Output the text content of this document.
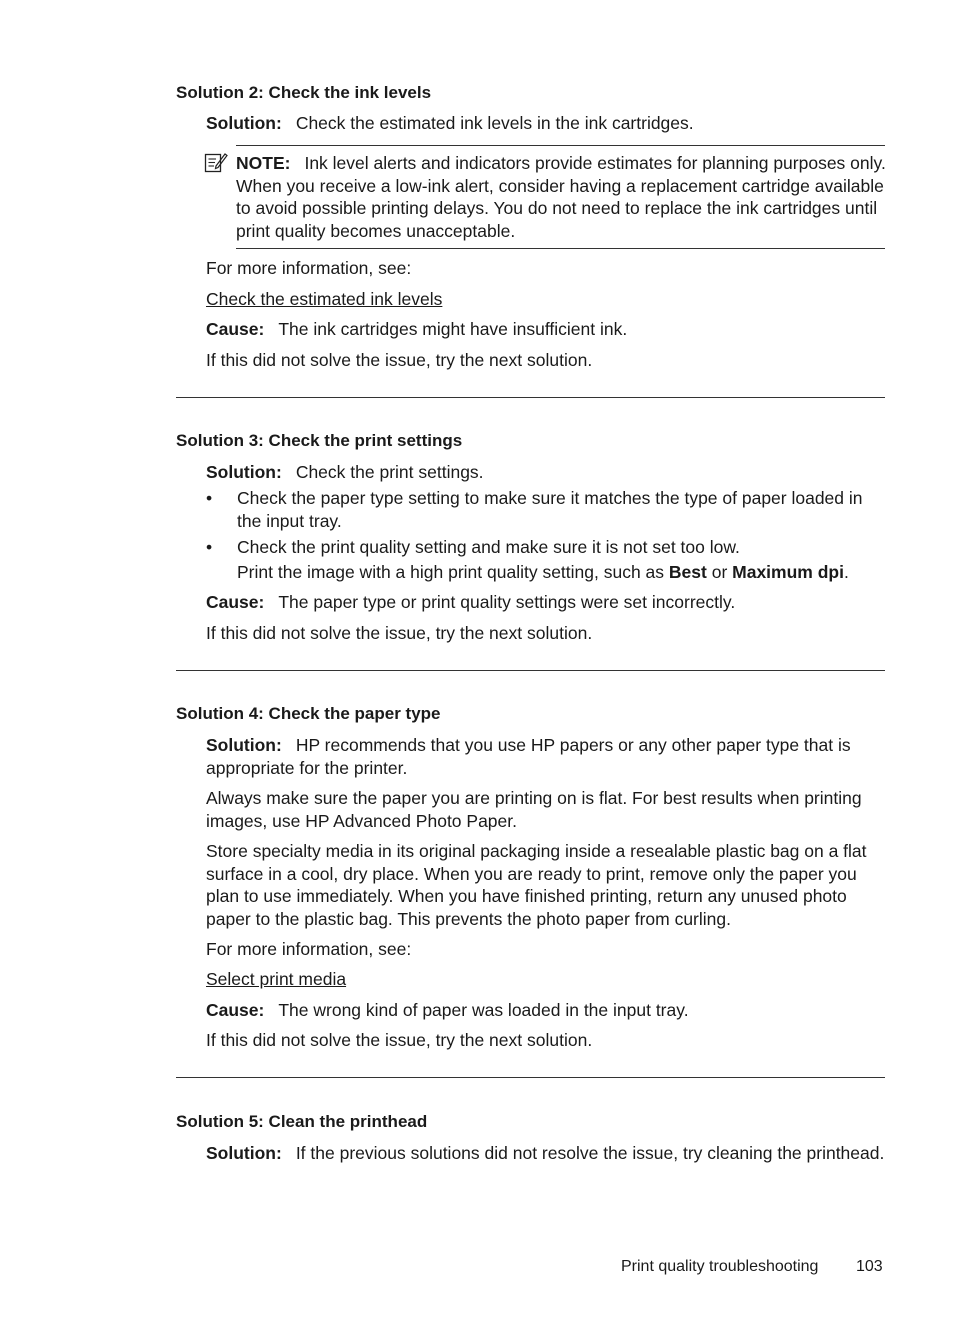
Solution 2: Check the ink levels

Solution: Check the estimated ink levels in the ink cartridges.

NOTE: Ink level alerts and indicators provide estimates for planning purposes only. When you receive a low-ink alert, consider having a replacement cartridge available to avoid possible printing delays. You do not need to replace the ink cartridges until print quality becomes unacceptable.

For more information, see:

Check the estimated ink levels

Cause: The ink cartridges might have insufficient ink.

If this did not solve the issue, try the next solution.

Solution 3: Check the print settings

Solution: Check the print settings.

• Check the paper type setting to make sure it matches the type of paper loaded in the input tray.

• Check the print quality setting and make sure it is not set too low.

Print the image with a high print quality setting, such as Best or Maximum dpi.

Cause: The paper type or print quality settings were set incorrectly.

If this did not solve the issue, try the next solution.

Solution 4: Check the paper type

Solution: HP recommends that you use HP papers or any other paper type that is appropriate for the printer.

Always make sure the paper you are printing on is flat. For best results when printing images, use HP Advanced Photo Paper.

Store specialty media in its original packaging inside a resealable plastic bag on a flat surface in a cool, dry place. When you are ready to print, remove only the paper you plan to use immediately. When you have finished printing, return any unused photo paper to the plastic bag. This prevents the photo paper from curling.

For more information, see:

Select print media

Cause: The wrong kind of paper was loaded in the input tray.

If this did not solve the issue, try the next solution.

Solution 5: Clean the printhead

Solution: If the previous solutions did not resolve the issue, try cleaning the printhead.

Print quality troubleshooting 103
